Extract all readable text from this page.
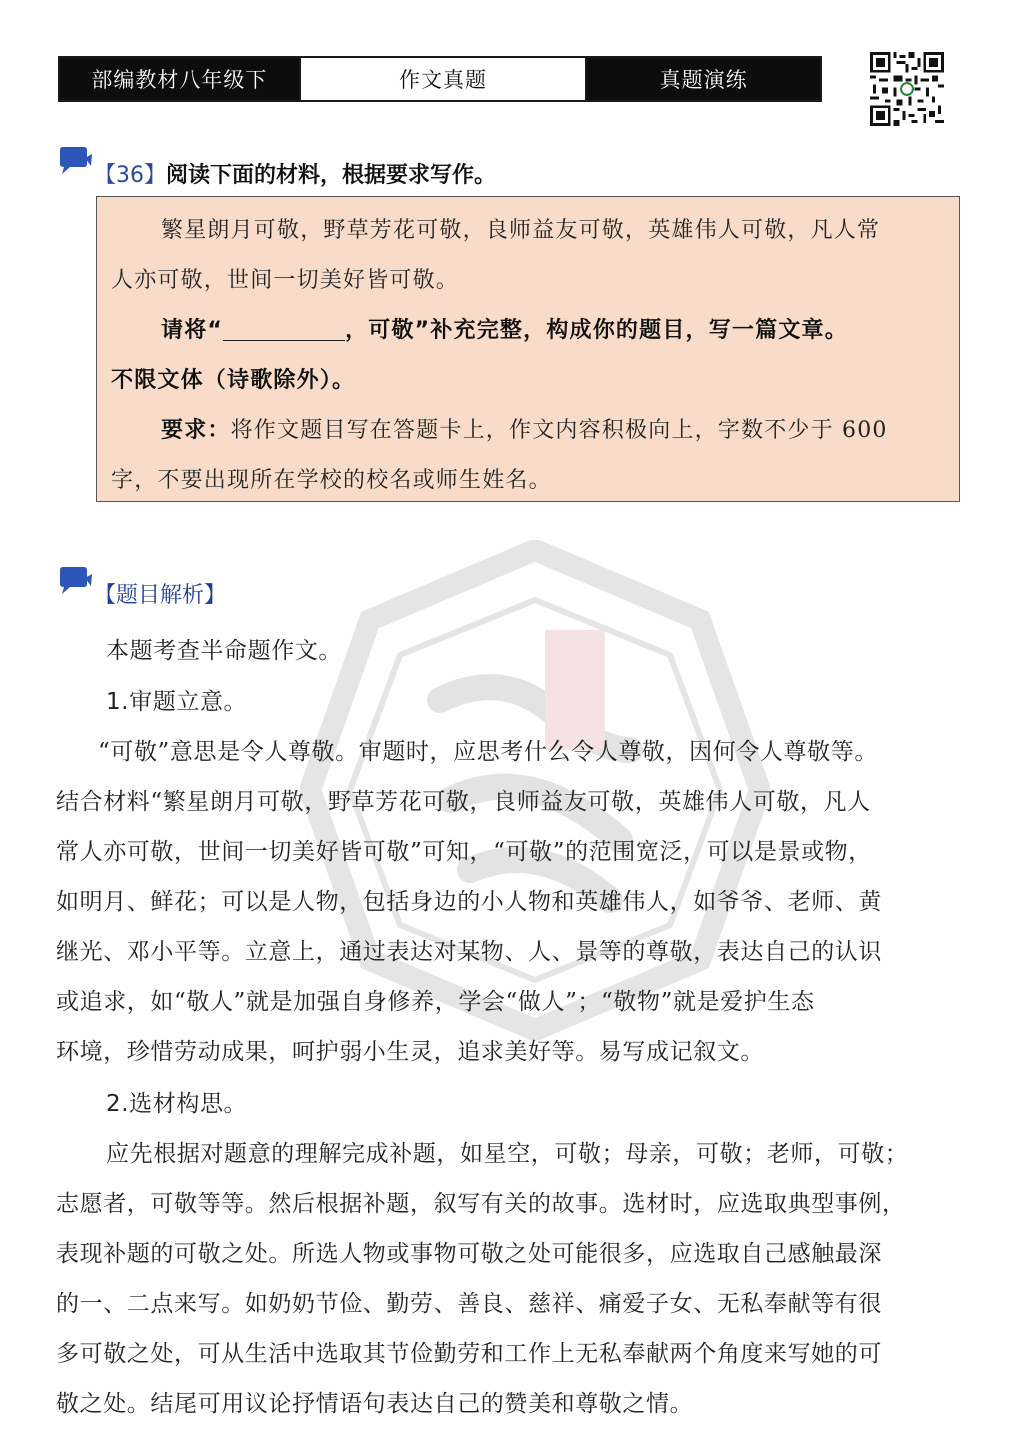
部编教材八年级下	作文真题	真题演练
【36】阅读下面的材料，根据要求写作。
繁星朗月可敬，野草芳花可敬，良师益友可敬，英雄伟人可敬，凡人常
人亦可敬，世间一切美好皆可敬。
请将“	，可敬”补充完整，构成你的题目，写一篇文章。
不限文体（诗歌除外）。
要求：将作文题目写在答题卡上，作文内容积极向上，字数不少于 600
字，不要出现所在学校的校名或师生姓名。
【题目解析】
本题考查半命题作文。
1.审题立意。
“可敬”意思是令人尊敬。审题时，应思考什么令人尊敬，因何令人尊敬等。
结合材料“繁星朗月可敬，野草芳花可敬，良师益友可敬，英雄伟人可敬，凡人
常人亦可敬，世间一切美好皆可敬”可知，“可敬”的范围宽泛，可以是景或物，
如明月、鲜花；可以是人物，包括身边的小人物和英雄伟人，如爷爷、老师、黄
继光、邓小平等。立意上，通过表达对某物、人、景等的尊敬，表达自己的认识
或追求，如“敬人”就是加强自身修养，学会“做人”；“敬物”就是爱护生态
环境，珍惜劳动成果，呵护弱小生灵，追求美好等。易写成记叙文。
2.选材构思。
应先根据对题意的理解完成补题，如星空，可敬；母亲，可敬；老师，可敬；
志愿者，可敬等等。然后根据补题，叙写有关的故事。选材时，应选取典型事例，
表现补题的可敬之处。所选人物或事物可敬之处可能很多，应选取自己感触最深
的一、二点来写。如奶奶节俭、勤劳、善良、慈祥、痛爱子女、无私奉献等有很
多可敬之处，可从生活中选取其节俭勤劳和工作上无私奉献两个角度来写她的可
敬之处。结尾可用议论抒情语句表达自己的赞美和尊敬之情。
